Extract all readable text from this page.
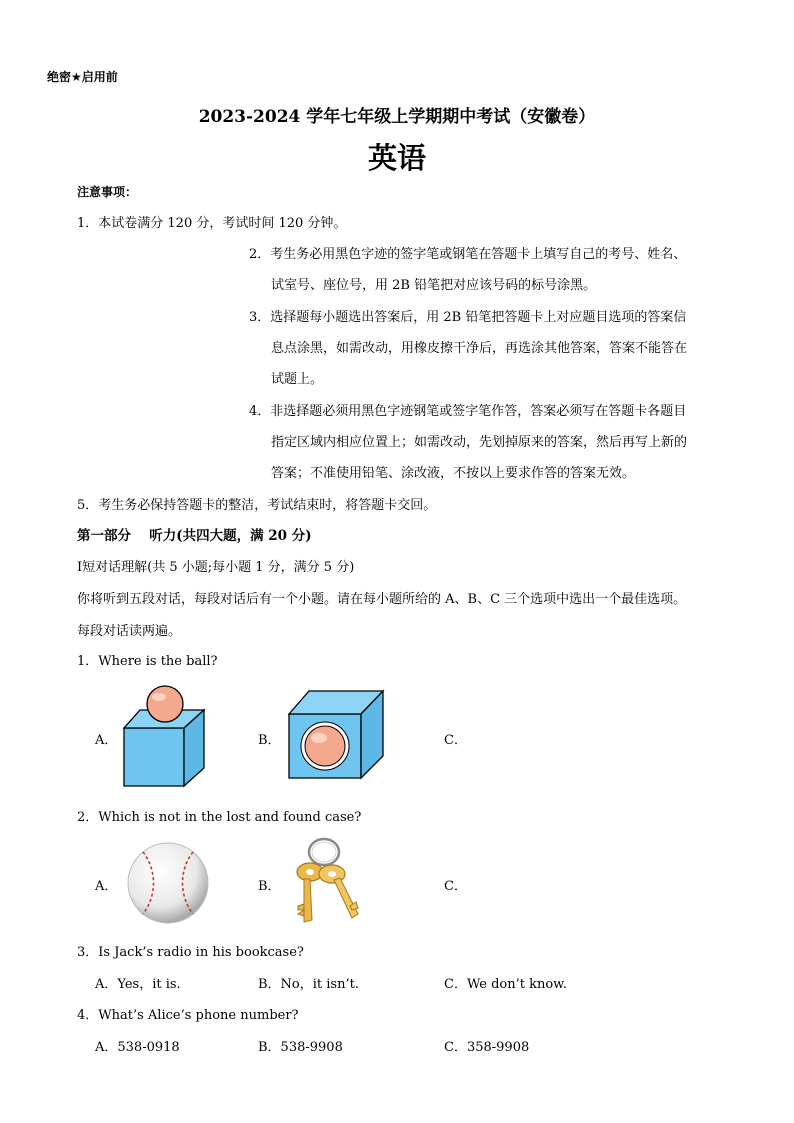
绝密★启用前
2023-2024 学年七年级上学期期中考试（安徽卷）
英语
注意事项：
1．本试卷满分 120 分，考试时间 120 分钟。
2．考生务必用黑色字迹的签字笔或钢笔在答题卡上填写自己的考号、姓名、
试室号、座位号，用 2B 铅笔把对应该号码的标号涂黑。
3．选择题每小题选出答案后，用 2B 铅笔把答题卡上对应题目选项的答案信
息点涂黑，如需改动，用橡皮擦干净后，再选涂其他答案，答案不能答在
试题上。
4．非选择题必须用黑色字迹钢笔或签字笔作答，答案必须写在答题卡各题目
指定区域内相应位置上；如需改动，先划掉原来的答案，然后再写上新的
答案；不准使用铅笔、涂改液，不按以上要求作答的答案无效。
5．考生务必保持答题卡的整洁，考试结束时，将答题卡交回。
第一部分　 听力(共四大题，满 20 分)
Ⅰ短对话理解(共 5 小题;每小题 1 分，满分 5 分)
你将听到五段对话，每段对话后有一个小题。请在每小题所给的 A、B、C 三个选项中选出一个最佳选项。
每段对话读两遍。
1．Where is the ball?
A．	B．	C．
2．Which is not in the lost and found case?
A．	B．	C．
3．Is Jack’s radio in his bookcase?
A．Yes，it is.	B．No，it isn’t.	C．We don’t know.
4．What’s Alice’s phone number?
A．538-0918	B．538-9908	C．358-9908
